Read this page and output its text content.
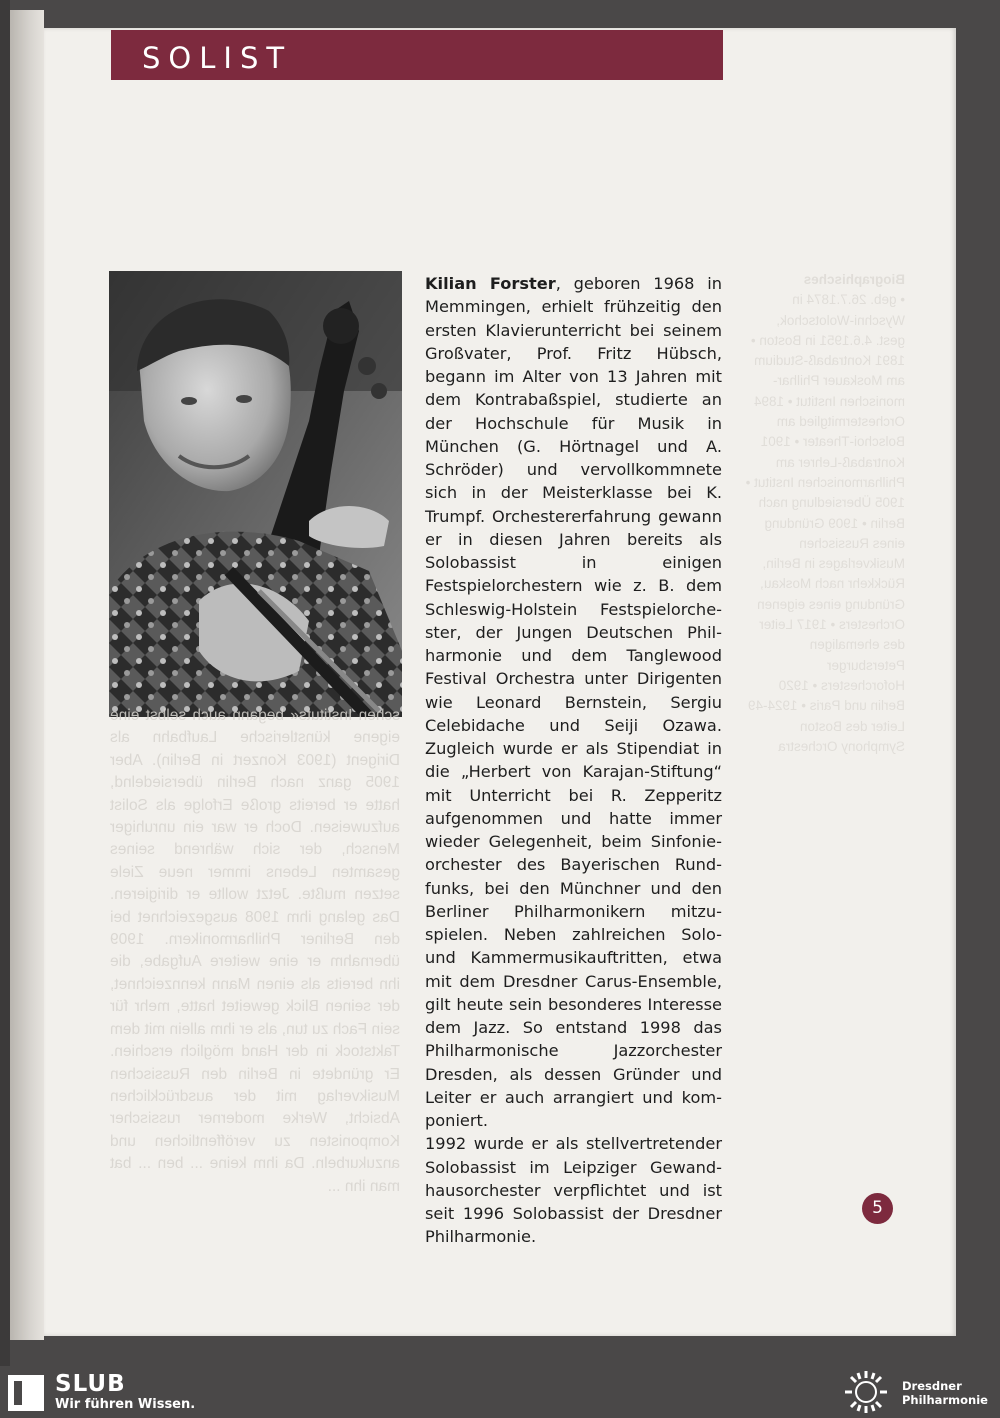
SOLIST
schen Instituts« begann auch selbst eine eigene künstlerische Laufbahn als Dirigent (1903 Konzert in Berlin). Aber 1905 ganz nach Berlin übersiedelnd, hatte er bereits große Erfolge als Solist aufzuweisen. Doch er war ein unruhiger Mensch, der sich während seines gesamten Lebens immer neue Ziele setzen mußte. Jetzt wollte er dirigieren. Das gelang ihm 1908 ausgezeichnet bei den Berliner Philharmonikern. 1909 übernahm er eine weitere Aufgabe, die ihn bereits als einen Mann kennzeichnet, der seinen Blick geweitet hatte, mehr für sein Fach zu tun, als er ihm allein mit dem Taktstock in der Hand möglich erschien. Er gründete in Berlin den Russischen Musikverlag mit der ausdrücklichen Absicht, Werke moderner russischer Komponisten zu veröffentlichen und anzukurbeln. Da ihm keine ... ben ... bat man ihn ...
Biographisches
• geb. 26.7.1874 in Wyschni-Wolotschok, gest. 4.6.1951 in Boston • 1891 Kontrabaß-Studium am Moskauer Philharmonischen Institut • 1894 Orchestermitglied am Bolschoi-Theater • 1901 Kontrabaß-Lehrer am Philharmonischen Institut • 1905 Übersiedlung nach Berlin • 1909 Gründung eines Russischen Musikverlages in Berlin, Rückkehr nach Moskau, Gründung eines eigenen Orchesters • 1917 Leiter des ehemaligen Petersburger Hoforchesters • 1920 Berlin und Paris • 1924-49 Leiter des Boston Symphony Orchestra

Kilian Forster, geboren 1968 in Memmingen, erhielt frühzeitig den ersten Klavierunterricht bei seinem Großvater, Prof. Fritz Hübsch, begann im Alter von 13 Jahren mit dem Kontrabaßspiel, studierte an der Hochschule für Musik in München (G. Hörtnagel und A. Schröder) und vervollkommnete sich in der Meisterklasse bei K. Trumpf. Orchestererfahrung gewann er in diesen Jahren bereits als Solobassist in einigen Festspielorchestern wie z. B. dem Schleswig-Holstein Festspielorchester, der Jungen Deutschen Philharmonie und dem Tanglewood Festival Orchestra unter Dirigenten wie Leonard Bernstein, Sergiu Celebidache und Seiji Ozawa. Zugleich wurde er als Stipendiat in die „Herbert von Karajan-Stiftung“ mit Unterricht bei R. Zepperitz aufgenommen und hatte immer wieder Gelegenheit, beim Sinfonieorchester des Bayerischen Rundfunks, bei den Münchner und den Berliner Philharmonikern mitzuspielen. Neben zahlreichen Solo- und Kammermusikauftritten, etwa mit dem Dresdner Carus-Ensemble, gilt heute sein besonderes Interesse dem Jazz. So entstand 1998 das Philharmonische Jazzorchester Dresden, als dessen Gründer und Leiter er auch arrangiert und komponiert.

1992 wurde er als stellvertretender Solobassist im Leipziger Gewandhausorchester verpflichtet und ist seit 1996 Solobassist der Dresdner Philharmonie.

5
SLUB
Wir führen Wissen.
Dresdner
Philharmonie
